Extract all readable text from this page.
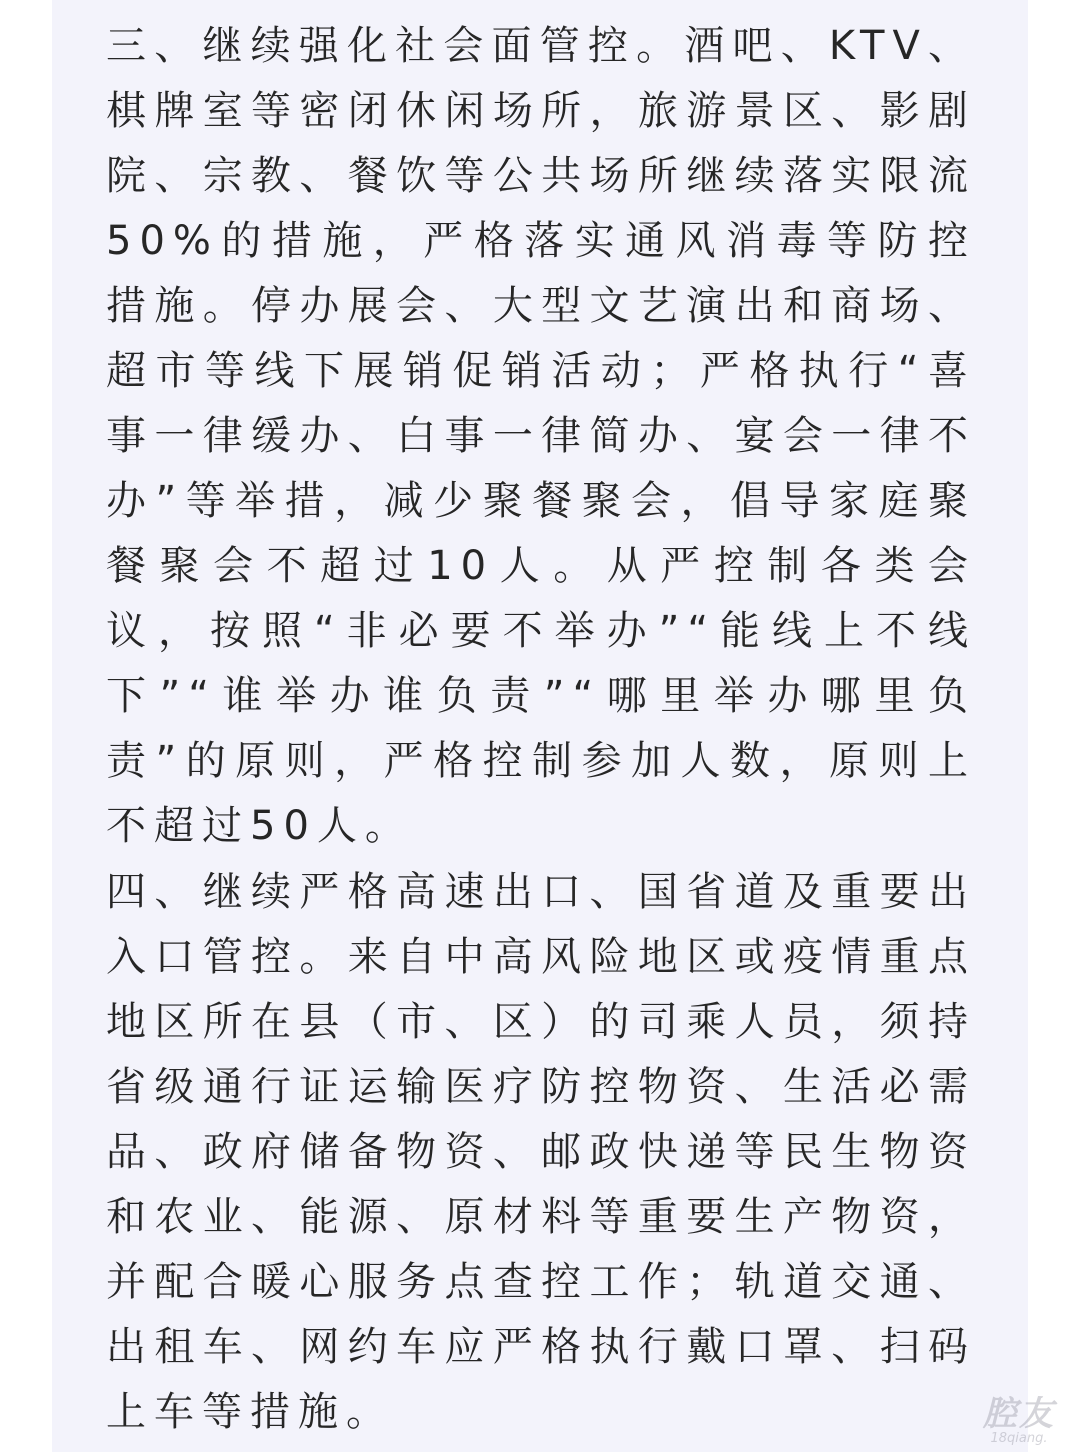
三、继续强化社会面管控。酒吧、KTV、棋牌室等密闭休闲场所，旅游景区、影剧院、宗教、餐饮等公共场所继续落实限流50%的措施，严格落实通风消毒等防控措施。停办展会、大型文艺演出和商场、超市等线下展销促销活动；严格执行“喜事一律缓办、白事一律简办、宴会一律不办”等举措，减少聚餐聚会，倡导家庭聚餐聚会不超过10人。从严控制各类会议，按照“非必要不举办”“能线上不线下”“谁举办谁负责”“哪里举办哪里负责”的原则，严格控制参加人数，原则上不超过50人。

四、继续严格高速出口、国省道及重要出入口管控。来自中高风险地区或疫情重点地区所在县（市、区）的司乘人员，须持省级通行证运输医疗防控物资、生活必需品、政府储备物资、邮政快递等民生物资和农业、能源、原材料等重要生产物资，并配合暖心服务点查控工作；轨道交通、出租车、网约车应严格执行戴口罩、扫码上车等措施。	腔友
18qiang.
